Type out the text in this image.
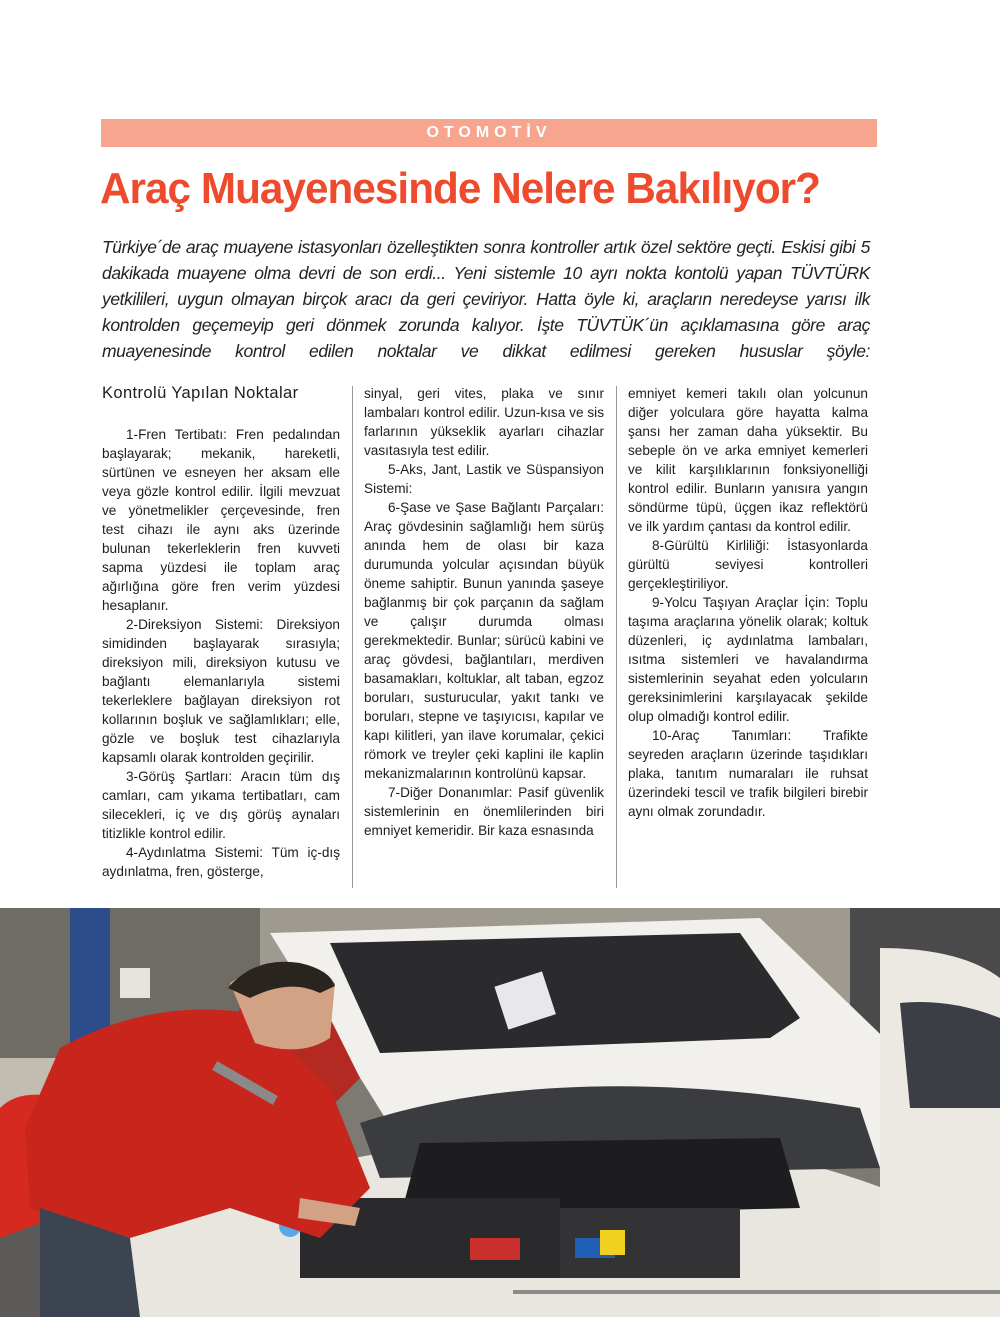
OTOMOTİV
Araç Muayenesinde Nelere Bakılıyor?

Türkiye´de araç muayene istasyonları özelleştikten sonra kontroller artık özel sektöre geçti. Eskisi gibi 5 dakikada muayene olma devri de son erdi... Yeni sistemle 10 ayrı nokta kontolü yapan TÜVTÜRK yetkilileri, uygun olmayan birçok aracı da geri çeviriyor. Hatta öyle ki, araçların neredeyse yarısı ilk kontrolden geçemeyip geri dönmek zorunda kalıyor. İşte TÜVTÜK´ün açıklamasına göre araç muayenesinde kontrol edilen noktalar ve dikkat edilmesi gereken hususlar şöyle:

Kontrolü Yapılan Noktalar

1-Fren Tertibatı: Fren pedalından başlayarak; mekanik, hareketli, sürtünen ve esneyen her aksam elle veya gözle kontrol edilir. İlgili mevzuat ve yönetmelikler çerçevesinde, fren test cihazı ile aynı aks üzerinde bulunan tekerleklerin fren kuvveti sapma yüzdesi ile toplam araç ağırlığına göre fren verim yüzdesi hesaplanır.

2-Direksiyon Sistemi: Direksiyon simidinden başlayarak sırasıyla; direksiyon mili, direksiyon kutusu ve bağlantı elemanlarıyla sistemi tekerleklere bağlayan direksiyon rot kollarının boşluk ve sağlamlıkları; elle, gözle ve boşluk test cihazlarıyla kapsamlı olarak kontrolden geçirilir.

3-Görüş Şartları: Aracın tüm dış camları, cam yıkama tertibatları, cam silecekleri, iç ve dış görüş aynaları titizlikle kontrol edilir.

4-Aydınlatma Sistemi: Tüm iç-dış aydınlatma, fren, gösterge,

sinyal, geri vites, plaka ve sınır lambaları kontrol edilir. Uzun-kısa ve sis farlarının yükseklik ayarları cihazlar vasıtasıyla test edilir.

5-Aks, Jant, Lastik ve Süspansiyon Sistemi:

6-Şase ve Şase Bağlantı Parçaları: Araç gövdesinin sağlamlığı hem sürüş anında hem de olası bir kaza durumunda yolcular açısından büyük öneme sahiptir. Bunun yanında şaseye bağlanmış bir çok parçanın da sağlam ve çalışır durumda olması gerekmektedir. Bunlar; sürücü kabini ve araç gövdesi, bağlantıları, merdiven basamakları, koltuklar, alt taban, egzoz boruları, susturucular, yakıt tankı ve boruları, stepne ve taşıyıcısı, kapılar ve kapı kilitleri, yan ilave korumalar, çekici römork ve treyler çeki kaplini ile kaplin mekanizmalarının kontrolünü kapsar.

7-Diğer Donanımlar: Pasif güvenlik sistemlerinin en önemlilerinden biri emniyet kemeridir. Bir kaza esnasında

emniyet kemeri takılı olan yolcunun diğer yolculara göre hayatta kalma şansı her zaman daha yüksektir. Bu sebeple ön ve arka emniyet kemerleri ve kilit karşılıklarının fonksiyonelliği kontrol edilir. Bunların yanısıra yangın söndürme tüpü, üçgen ikaz reflektörü ve ilk yardım çantası da kontrol edilir.

8-Gürültü Kirliliği: İstasyonlarda gürültü seviyesi kontrolleri gerçekleştiriliyor.

9-Yolcu Taşıyan Araçlar İçin: Toplu taşıma araçlarına yönelik olarak; koltuk düzenleri, iç aydınlatma lambaları, ısıtma sistemleri ve havalandırma sistemlerinin seyahat eden yolcuların gereksinimlerini karşılayacak şekilde olup olmadığı kontrol edilir.

10-Araç Tanımları: Trafikte seyreden araçların üzerinde taşıdıkları plaka, tanıtım numaraları ile ruhsat üzerindeki tescil ve trafik bilgileri birebir aynı olmak zorundadır.
